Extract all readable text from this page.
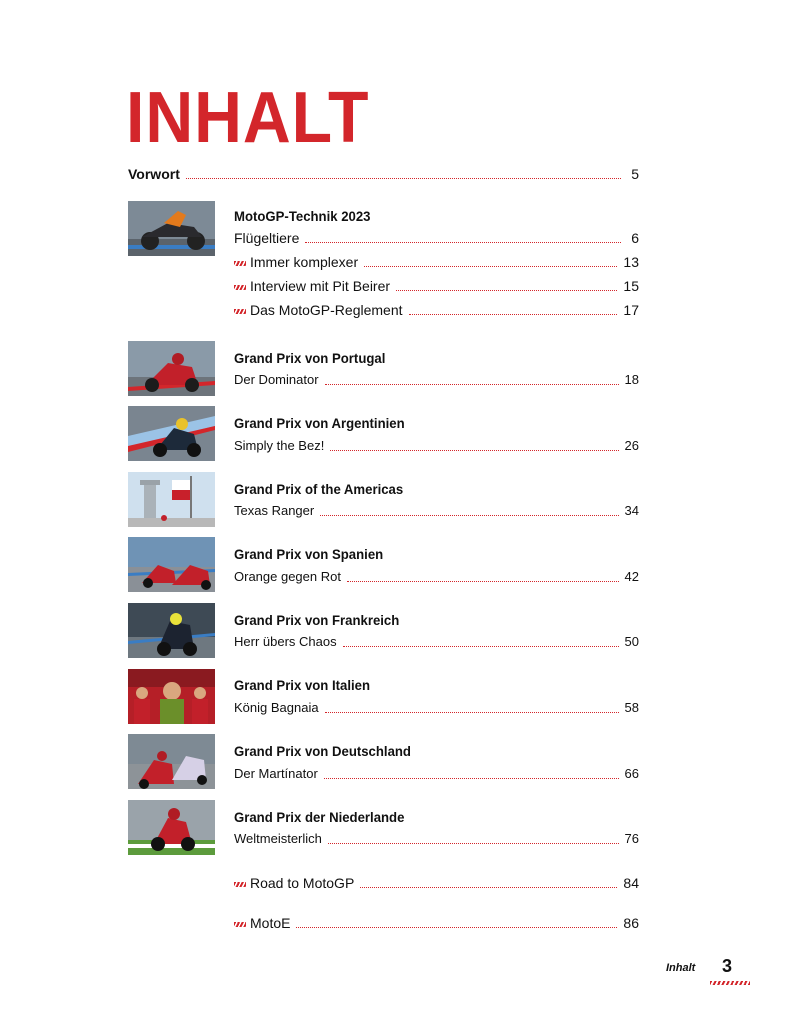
INHALT
Vorwort	5
MotoGP-Technik 2023
Flügeltiere	6
Immer komplexer	13
Interview mit Pit Beirer	15
Das MotoGP-Reglement	17
Grand Prix von Portugal
Der Dominator	18
Grand Prix von Argentinien
Simply the Bez!	26
Grand Prix of the Americas
Texas Ranger	34
Grand Prix von Spanien
Orange gegen Rot	42
Grand Prix von Frankreich
Herr übers Chaos	50
Grand Prix von Italien
König Bagnaia	58
Grand Prix von Deutschland
Der Martínator	66
Grand Prix der Niederlande
Weltmeisterlich	76
Road to MotoGP	84
MotoE	86
Inhalt 3
